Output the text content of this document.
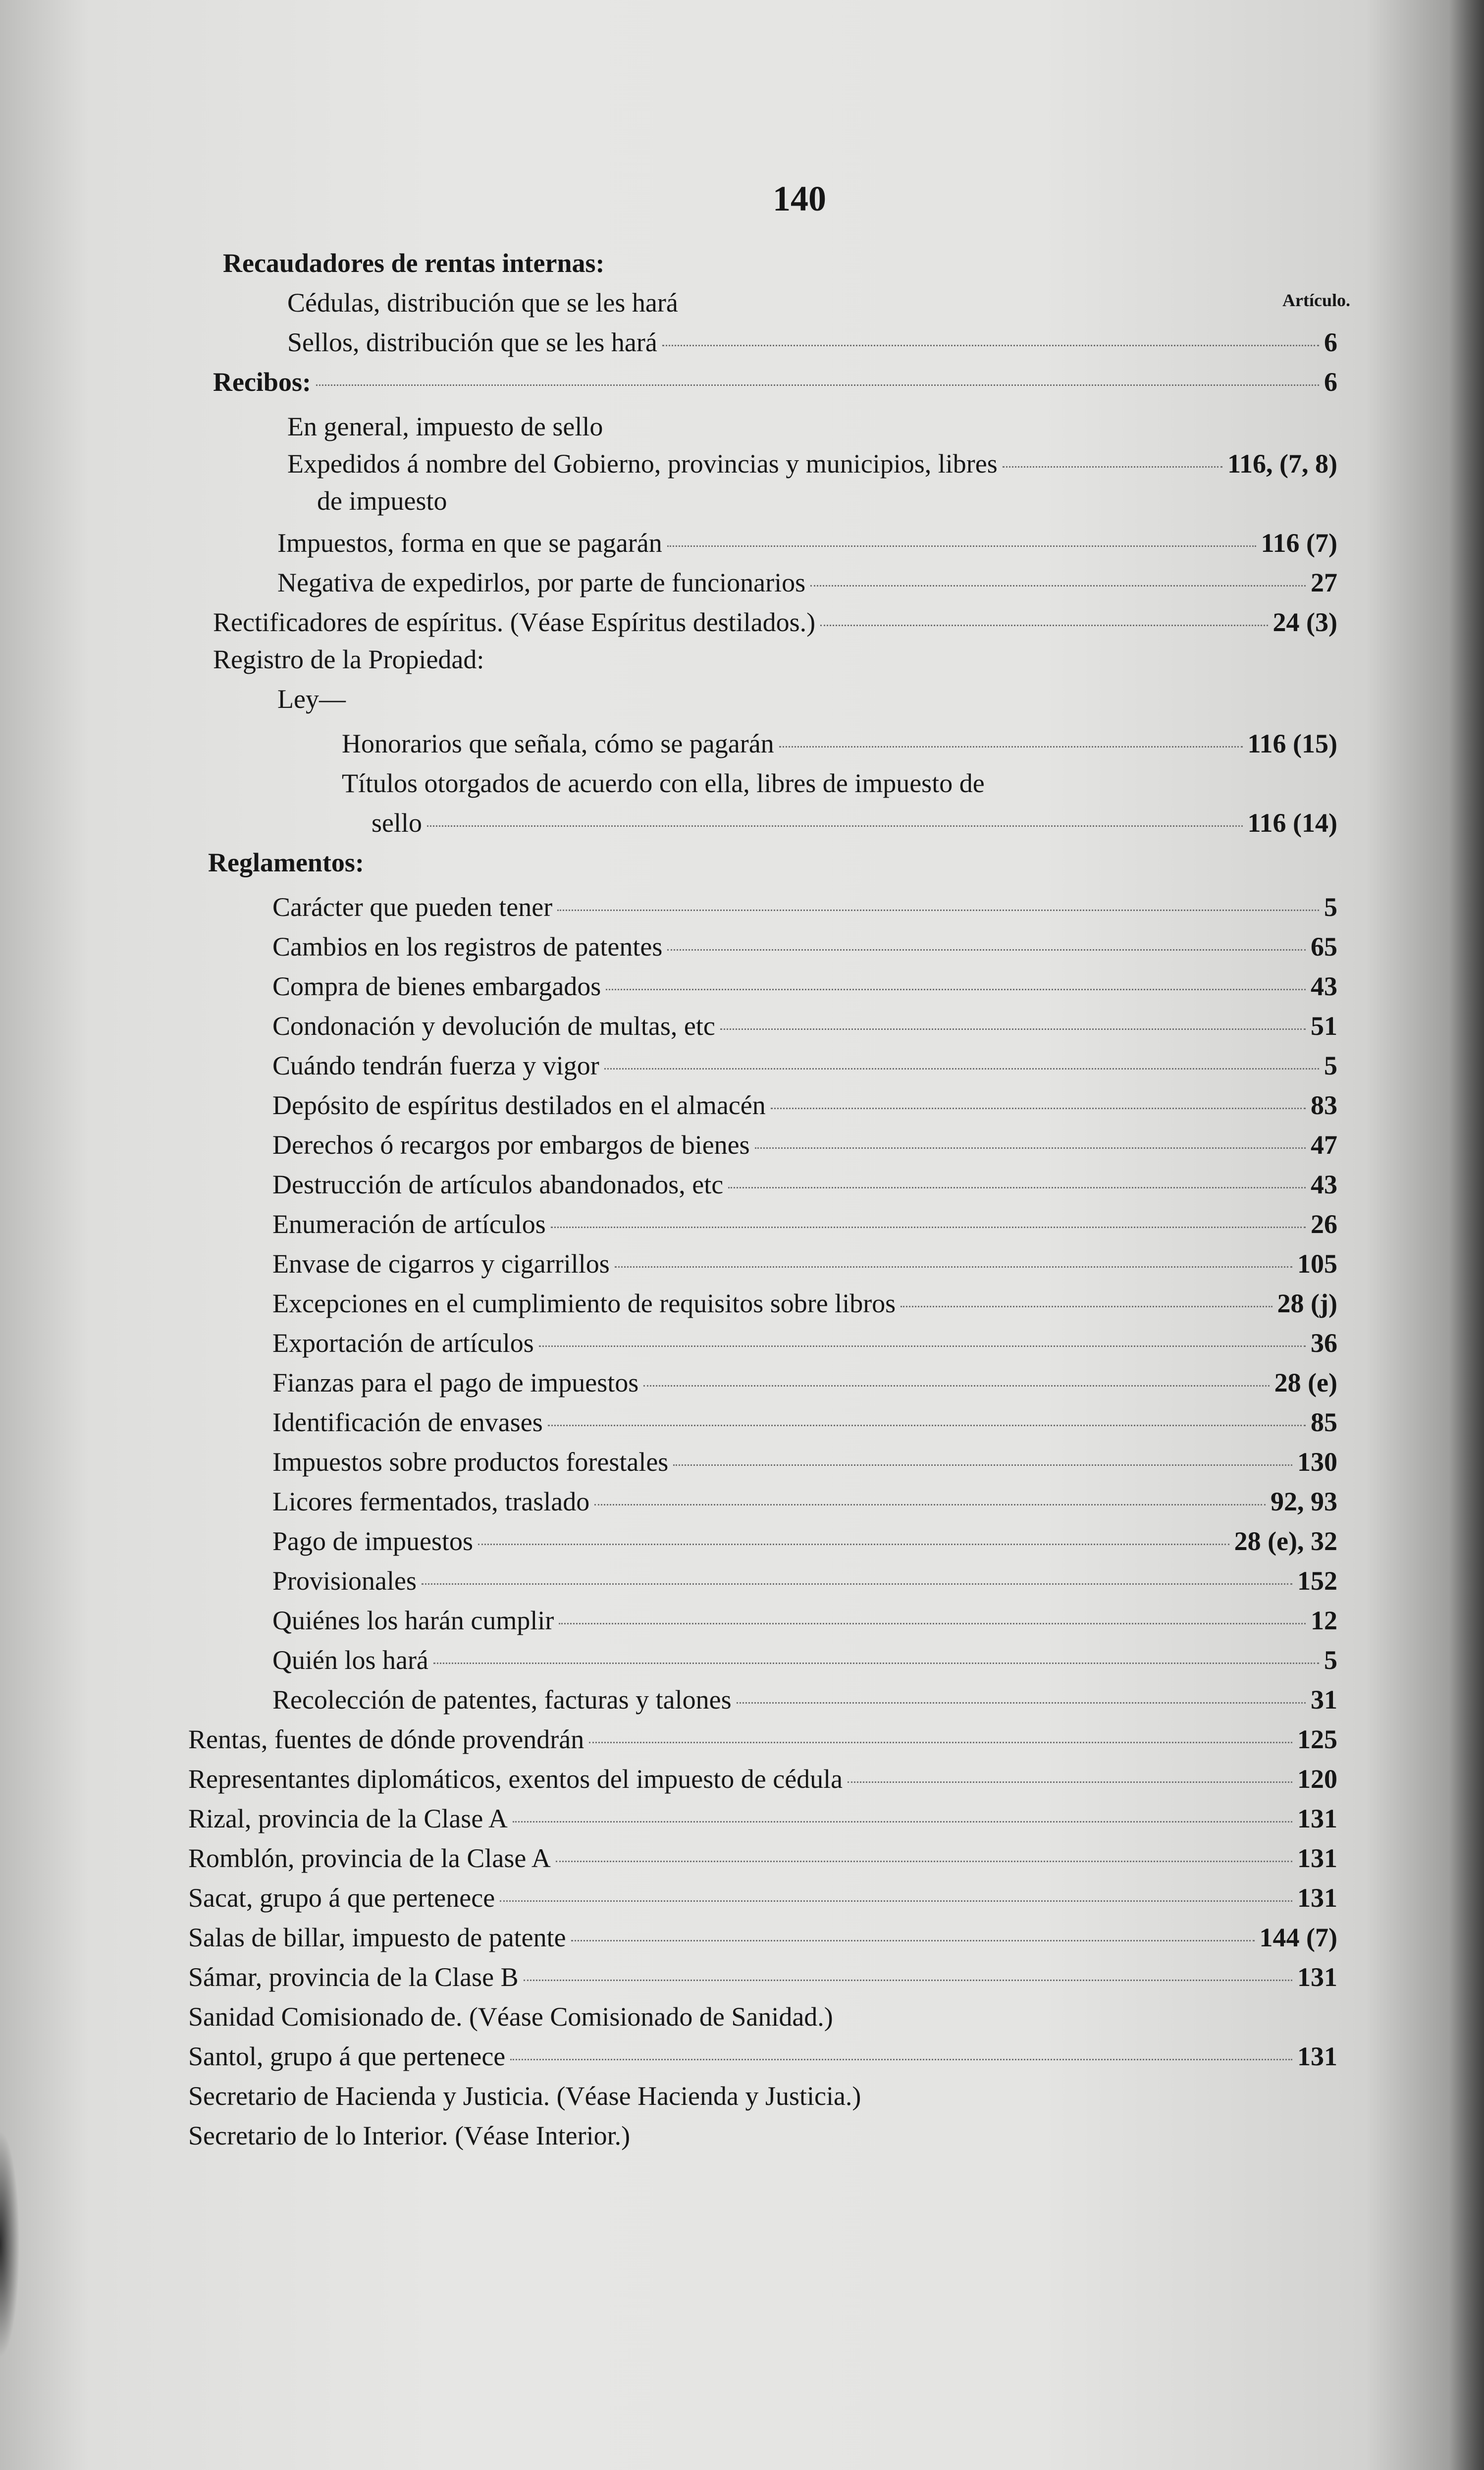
140
Artículo.
Recaudadores de rentas internas:
Cédulas, distribución que se les hará
Sellos, distribución que se les hará	6
Recibos:	6
En general, impuesto de sello
Expedidos á nombre del Gobierno, provincias y municipios, libres	116, (7, 8)
de impuesto
Impuestos, forma en que se pagarán	116 (7)
Negativa de expedirlos, por parte de funcionarios	27
Rectificadores de espíritus. (Véase Espíritus destilados.)	24 (3)
Registro de la Propiedad:
Ley—
Honorarios que señala, cómo se pagarán	116 (15)
Títulos otorgados de acuerdo con ella, libres de impuesto de
sello	116 (14)
Reglamentos:
Carácter que pueden tener	5
Cambios en los registros de patentes	65
Compra de bienes embargados	43
Condonación y devolución de multas, etc	51
Cuándo tendrán fuerza y vigor	5
Depósito de espíritus destilados en el almacén	83
Derechos ó recargos por embargos de bienes	47
Destrucción de artículos abandonados, etc	43
Enumeración de artículos	26
Envase de cigarros y cigarrillos	105
Excepciones en el cumplimiento de requisitos sobre libros	28 (j)
Exportación de artículos	36
Fianzas para el pago de impuestos	28 (e)
Identificación de envases	85
Impuestos sobre productos forestales	130
Licores fermentados, traslado	92, 93
Pago de impuestos	28 (e), 32
Provisionales	152
Quiénes los harán cumplir	12
Quién los hará	5
Recolección de patentes, facturas y talones	31
Rentas, fuentes de dónde provendrán	125
Representantes diplomáticos, exentos del impuesto de cédula	120
Rizal, provincia de la Clase A	131
Romblón, provincia de la Clase A	131
Sacat, grupo á que pertenece	131
Salas de billar, impuesto de patente	144 (7)
Sámar, provincia de la Clase B	131
Sanidad Comisionado de. (Véase Comisionado de Sanidad.)
Santol, grupo á que pertenece	131
Secretario de Hacienda y Justicia. (Véase Hacienda y Justicia.)
Secretario de lo Interior. (Véase Interior.)
